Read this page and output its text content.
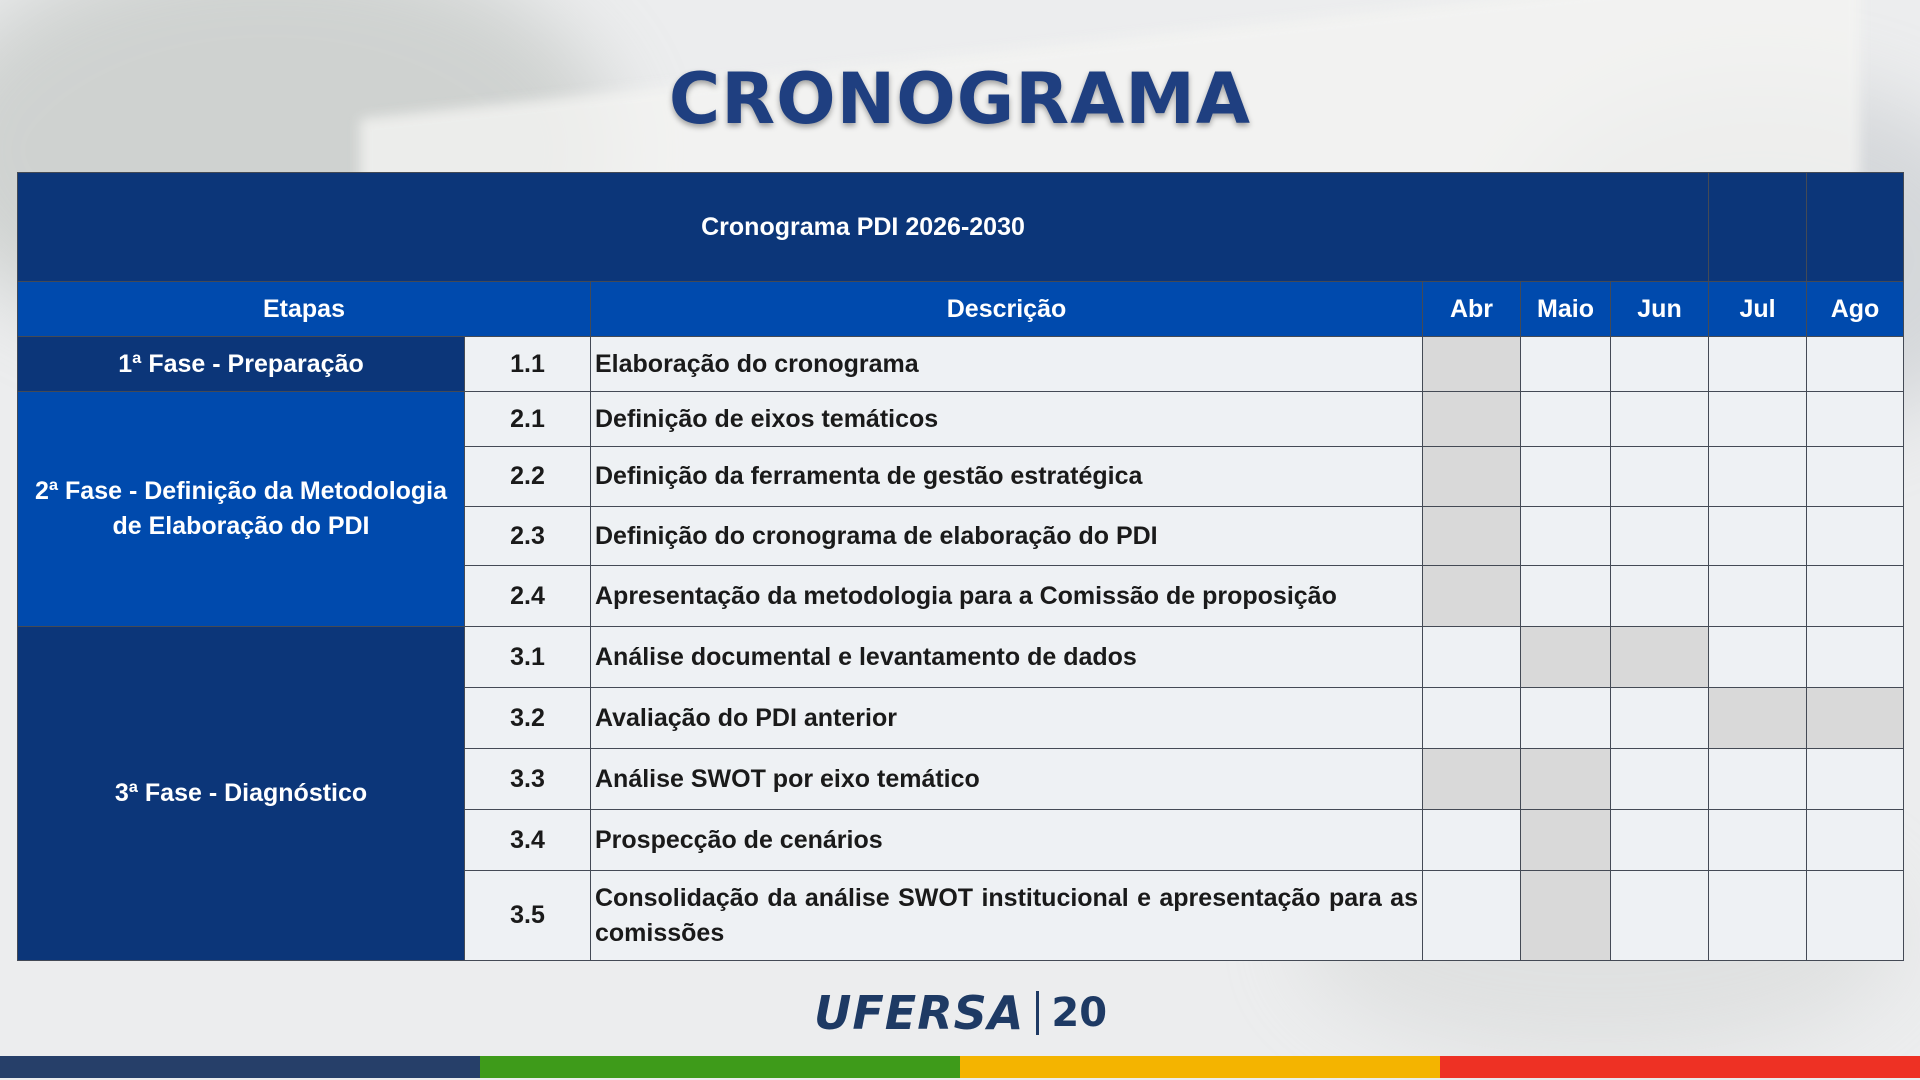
CRONOGRAMA
Cronograma PDI 2026-2030							
Etapas		Descrição	Abr	Maio	Jun	Jul	Ago
1ª Fase - Preparação	1.1	Elaboração do cronograma					
2ª Fase - Definição da Metodologia de Elaboração do PDI	2.1	Definição de eixos temáticos					
	2.2	Definição da ferramenta de gestão estratégica					
	2.3	Definição do cronograma de elaboração do PDI					
	2.4	Apresentação da metodologia para a Comissão de proposição					
3ª Fase - Diagnóstico	3.1	Análise documental e levantamento de dados					
	3.2	Avaliação do PDI anterior					
	3.3	Análise SWOT por eixo temático					
	3.4	Prospecção de cenários					
	3.5	Consolidação da análise SWOT institucional e apresentação para as comissões					
UFERSA 20
